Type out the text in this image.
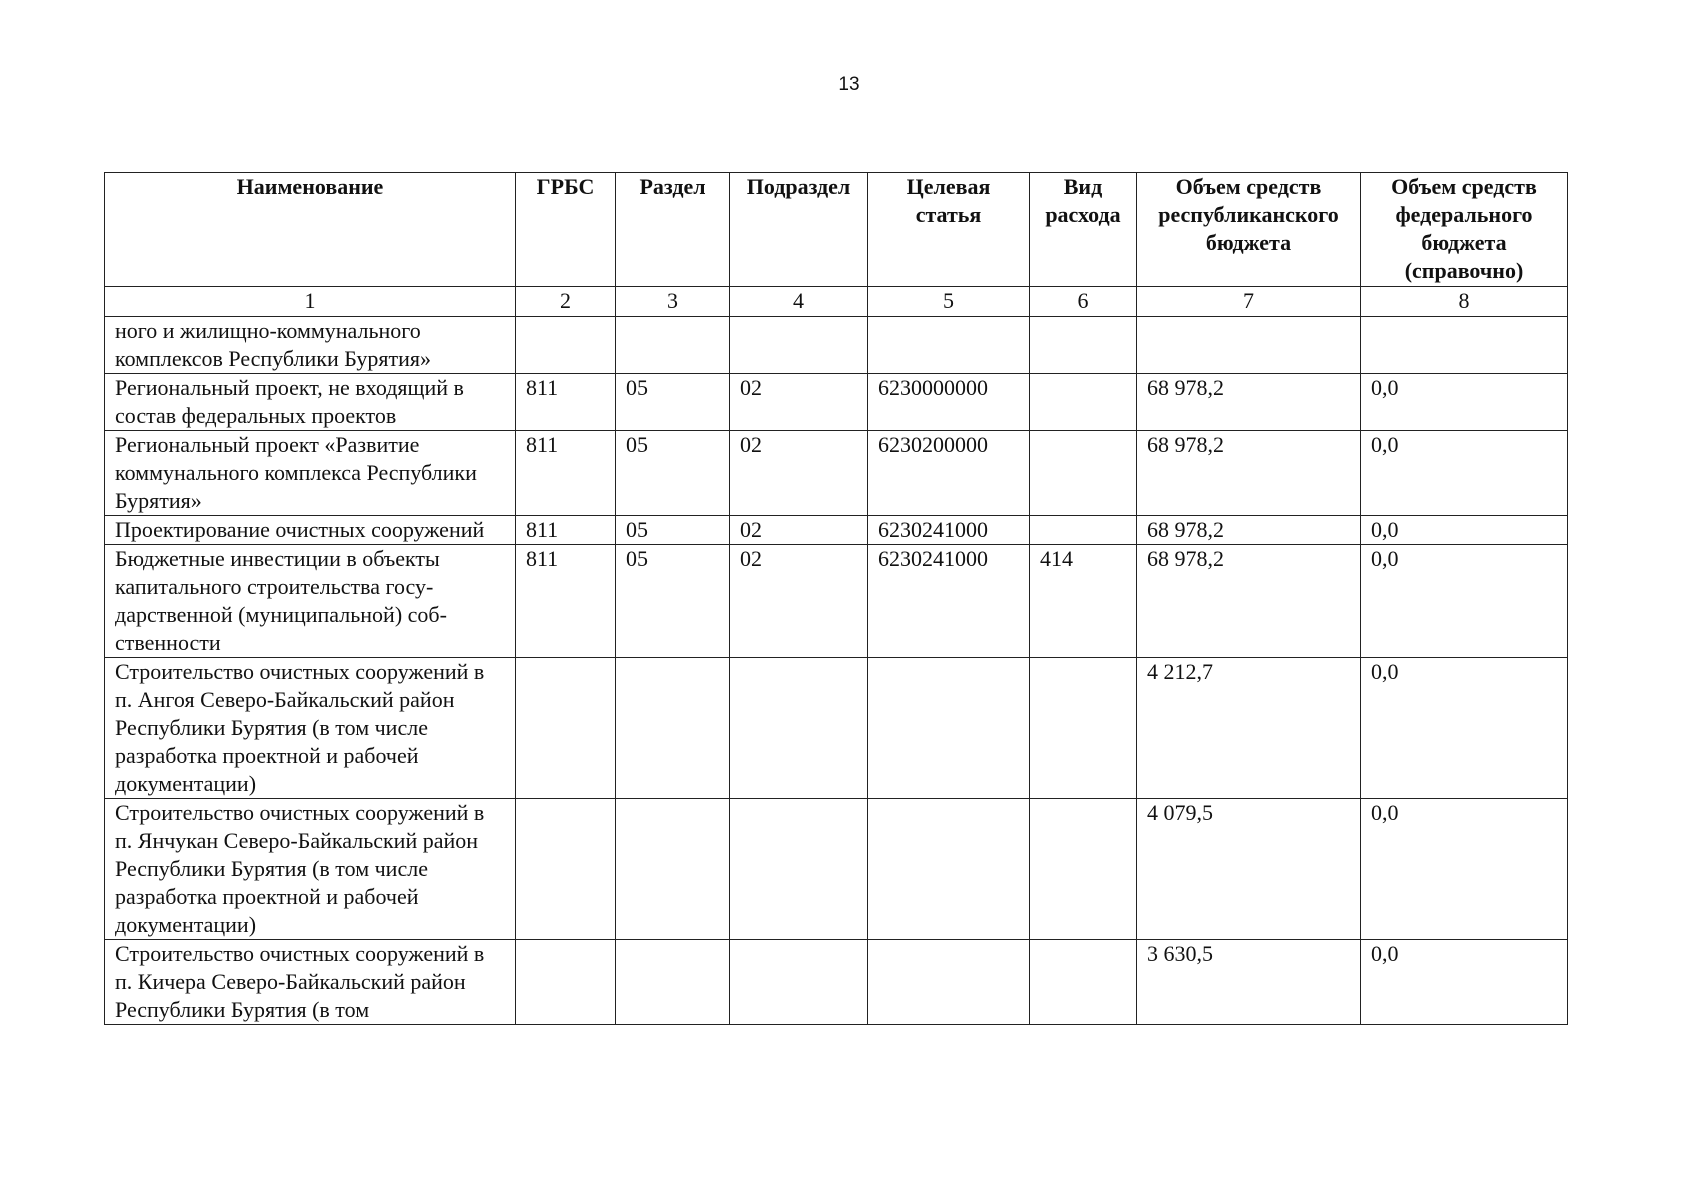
13
Наименование	ГРБС	Раздел	Подраздел	Целевая статья	Вид расхода	Объем средств республиканского бюджета	Объем средств федерального бюджета (справочно)
1	2	3	4	5	6	7	8
ного и жилищно-коммунального комплексов Республики Бурятия»							
Региональный проект, не входящий в состав федеральных проектов	811	05	02	6230000000		68 978,2	0,0
Региональный проект «Развитие коммунального комплекса Республики Бурятия»	811	05	02	6230200000		68 978,2	0,0
Проектирование очистных сооружений	811	05	02	6230241000		68 978,2	0,0
Бюджетные инвестиции в объекты капитального строительства государственной (муниципальной) собственности	811	05	02	6230241000	414	68 978,2	0,0
Строительство очистных сооружений в п. Ангоя Северо-Байкальский район Республики Бурятия (в том числе разработка проектной и рабочей документации)						4 212,7	0,0
Строительство очистных сооружений в п. Янчукан Северо-Байкальский район Республики Бурятия (в том числе разработка проектной и рабочей документации)						4 079,5	0,0
Строительство очистных сооружений в п. Кичера Северо-Байкальский район Республики Бурятия (в том						3 630,5	0,0
